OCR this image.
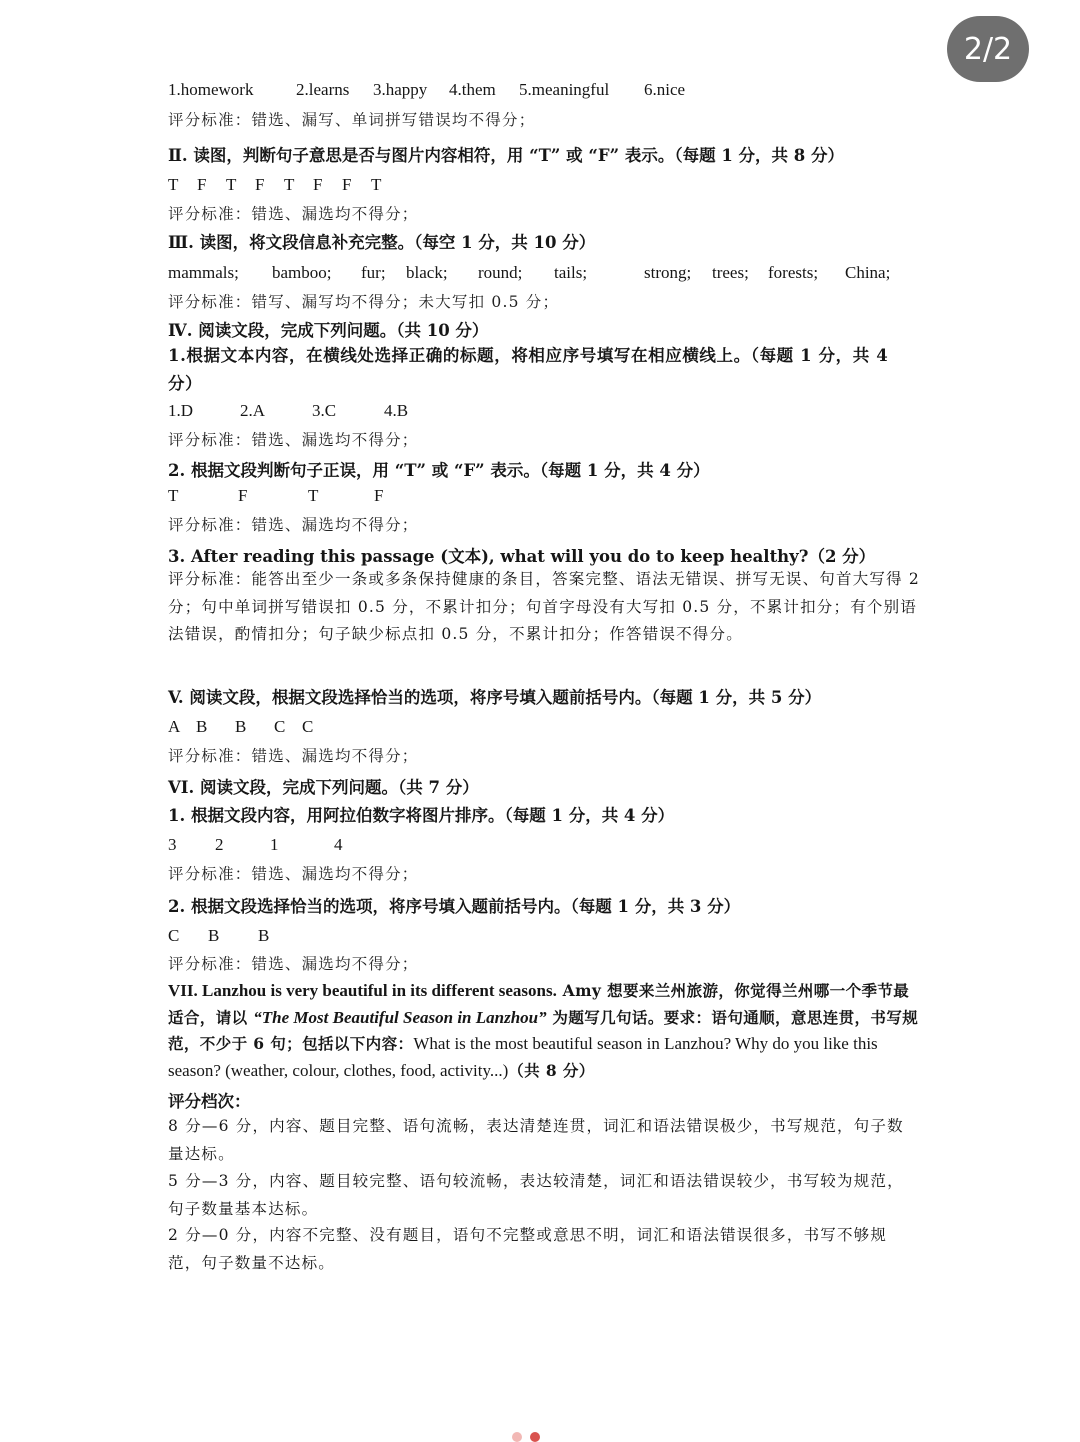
2/2
1.homework	2.learns 3.happy 4.them 5.meaningful 6.nice
评分标准：错选、漏写、单词拼写错误均不得分；
Ⅱ. 读图，判断句子意思是否与图片内容相符，用 “T” 或 “F” 表示。（每题 1 分，共 8 分）
T F T F T F F T
评分标准：错选、漏选均不得分；
Ⅲ. 读图，将文段信息补充完整。（每空 1 分，共 10 分）
mammals; bamboo; fur; black; round; tails;	strong; trees; forests; China;
评分标准：错写、漏写均不得分；未大写扣 0.5 分；
Ⅳ. 阅读文段，完成下列问题。（共 10 分）
1.根据文本内容，在横线处选择正确的标题，将相应序号填写在相应横线上。（每题 1 分，共 4 分）
1.D	2.A	3.C	4.B
评分标准：错选、漏选均不得分；
2. 根据文段判断句子正误，用 “T” 或 “F” 表示。（每题 1 分，共 4 分）
T	F	T	F
评分标准：错选、漏选均不得分；
3. After reading this passage (文本), what will you do to keep healthy?（2 分）
评分标准：能答出至少一条或多条保持健康的条目，答案完整、语法无错误、拼写无误、句首大写得 2 分；句中单词拼写错误扣 0.5 分，不累计扣分；句首字母没有大写扣 0.5 分，不累计扣分；有个别语法错误，酌情扣分；句子缺少标点扣 0.5 分，不累计扣分；作答错误不得分。
V. 阅读文段，根据文段选择恰当的选项，将序号填入题前括号内。（每题 1 分，共 5 分）
A B B C C
评分标准：错选、漏选均不得分；
VI. 阅读文段，完成下列问题。（共 7 分）
1. 根据文段内容，用阿拉伯数字将图片排序。（每题 1 分，共 4 分）
3 2	1	4
评分标准：错选、漏选均不得分；
2. 根据文段选择恰当的选项，将序号填入题前括号内。（每题 1 分，共 3 分）
C B B
评分标准：错选、漏选均不得分；
VII. Lanzhou is very beautiful in its different seasons. Amy 想要来兰州旅游，你觉得兰州哪一个季节最适合，请以 “The Most Beautiful Season in Lanzhou” 为题写几句话。要求：语句通顺，意思连贯，书写规范，不少于 6 句；包括以下内容：What is the most beautiful season in Lanzhou? Why do you like this season? (weather, colour, clothes, food, activity...)（共 8 分）
评分档次：
8 分—6 分，内容、题目完整、语句流畅，表达清楚连贯，词汇和语法错误极少，书写规范，句子数量达标。
5 分—3 分，内容、题目较完整、语句较流畅，表达较清楚，词汇和语法错误较少，书写较为规范，句子数量基本达标。
2 分—0 分，内容不完整、没有题目，语句不完整或意思不明，词汇和语法错误很多，书写不够规范，句子数量不达标。
